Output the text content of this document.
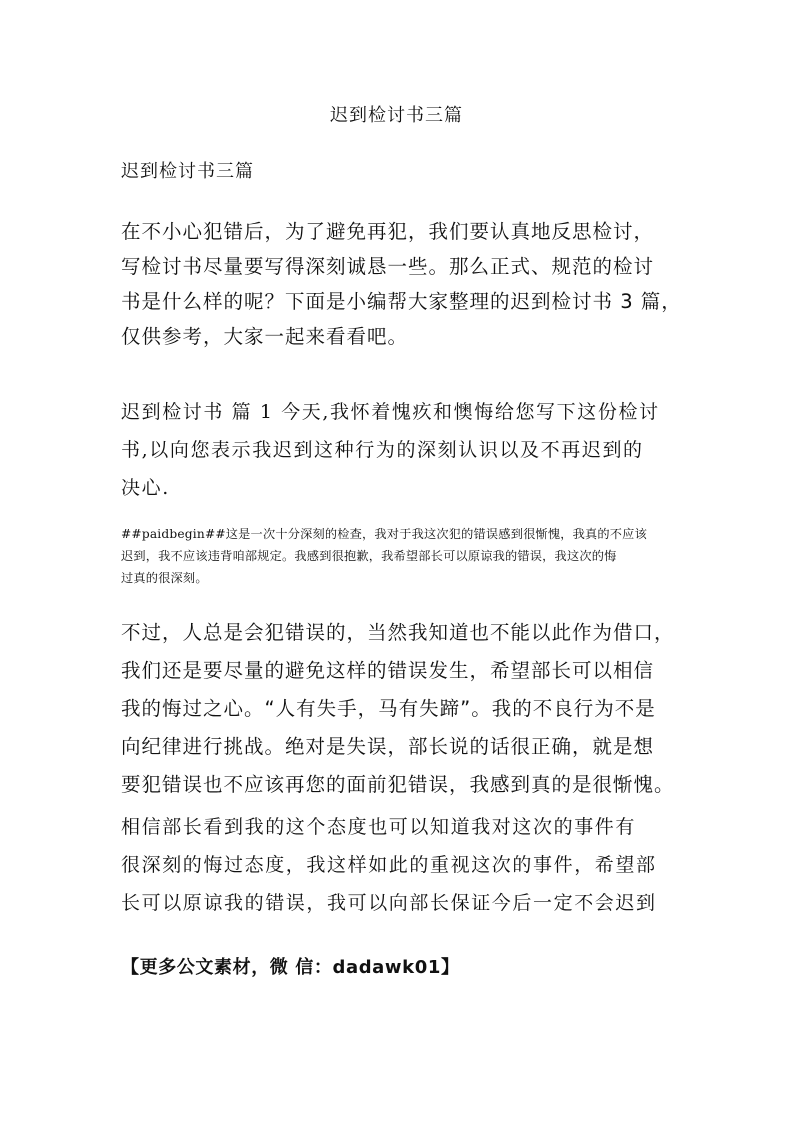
迟到检讨书三篇
迟到检讨书三篇

在不小心犯错后，为了避免再犯，我们要认真地反思检讨，
写检讨书尽量要写得深刻诚恳一些。那么正式、规范的检讨
书是什么样的呢？下面是小编帮大家整理的迟到检讨书 3 篇，
仅供参考，大家一起来看看吧。

迟到检讨书 篇 1 今天,我怀着愧疚和懊悔给您写下这份检讨
书,以向您表示我迟到这种行为的深刻认识以及不再迟到的
决心.

##paidbegin##这是一次十分深刻的检查，我对于我这次犯的错误感到很惭愧，我真的不应该
迟到，我不应该违背咱部规定。我感到很抱歉，我希望部长可以原谅我的错误，我这次的悔
过真的很深刻。

不过，人总是会犯错误的，当然我知道也不能以此作为借口，
我们还是要尽量的避免这样的错误发生，希望部长可以相信
我的悔过之心。“人有失手，马有失蹄”。我的不良行为不是
向纪律进行挑战。绝对是失误，部长说的话很正确，就是想
要犯错误也不应该再您的面前犯错误，我感到真的是很惭愧。

相信部长看到我的这个态度也可以知道我对这次的事件有
很深刻的悔过态度，我这样如此的重视这次的事件，希望部
长可以原谅我的错误，我可以向部长保证今后一定不会迟到

【更多公文素材，微 信：dadawk01】
